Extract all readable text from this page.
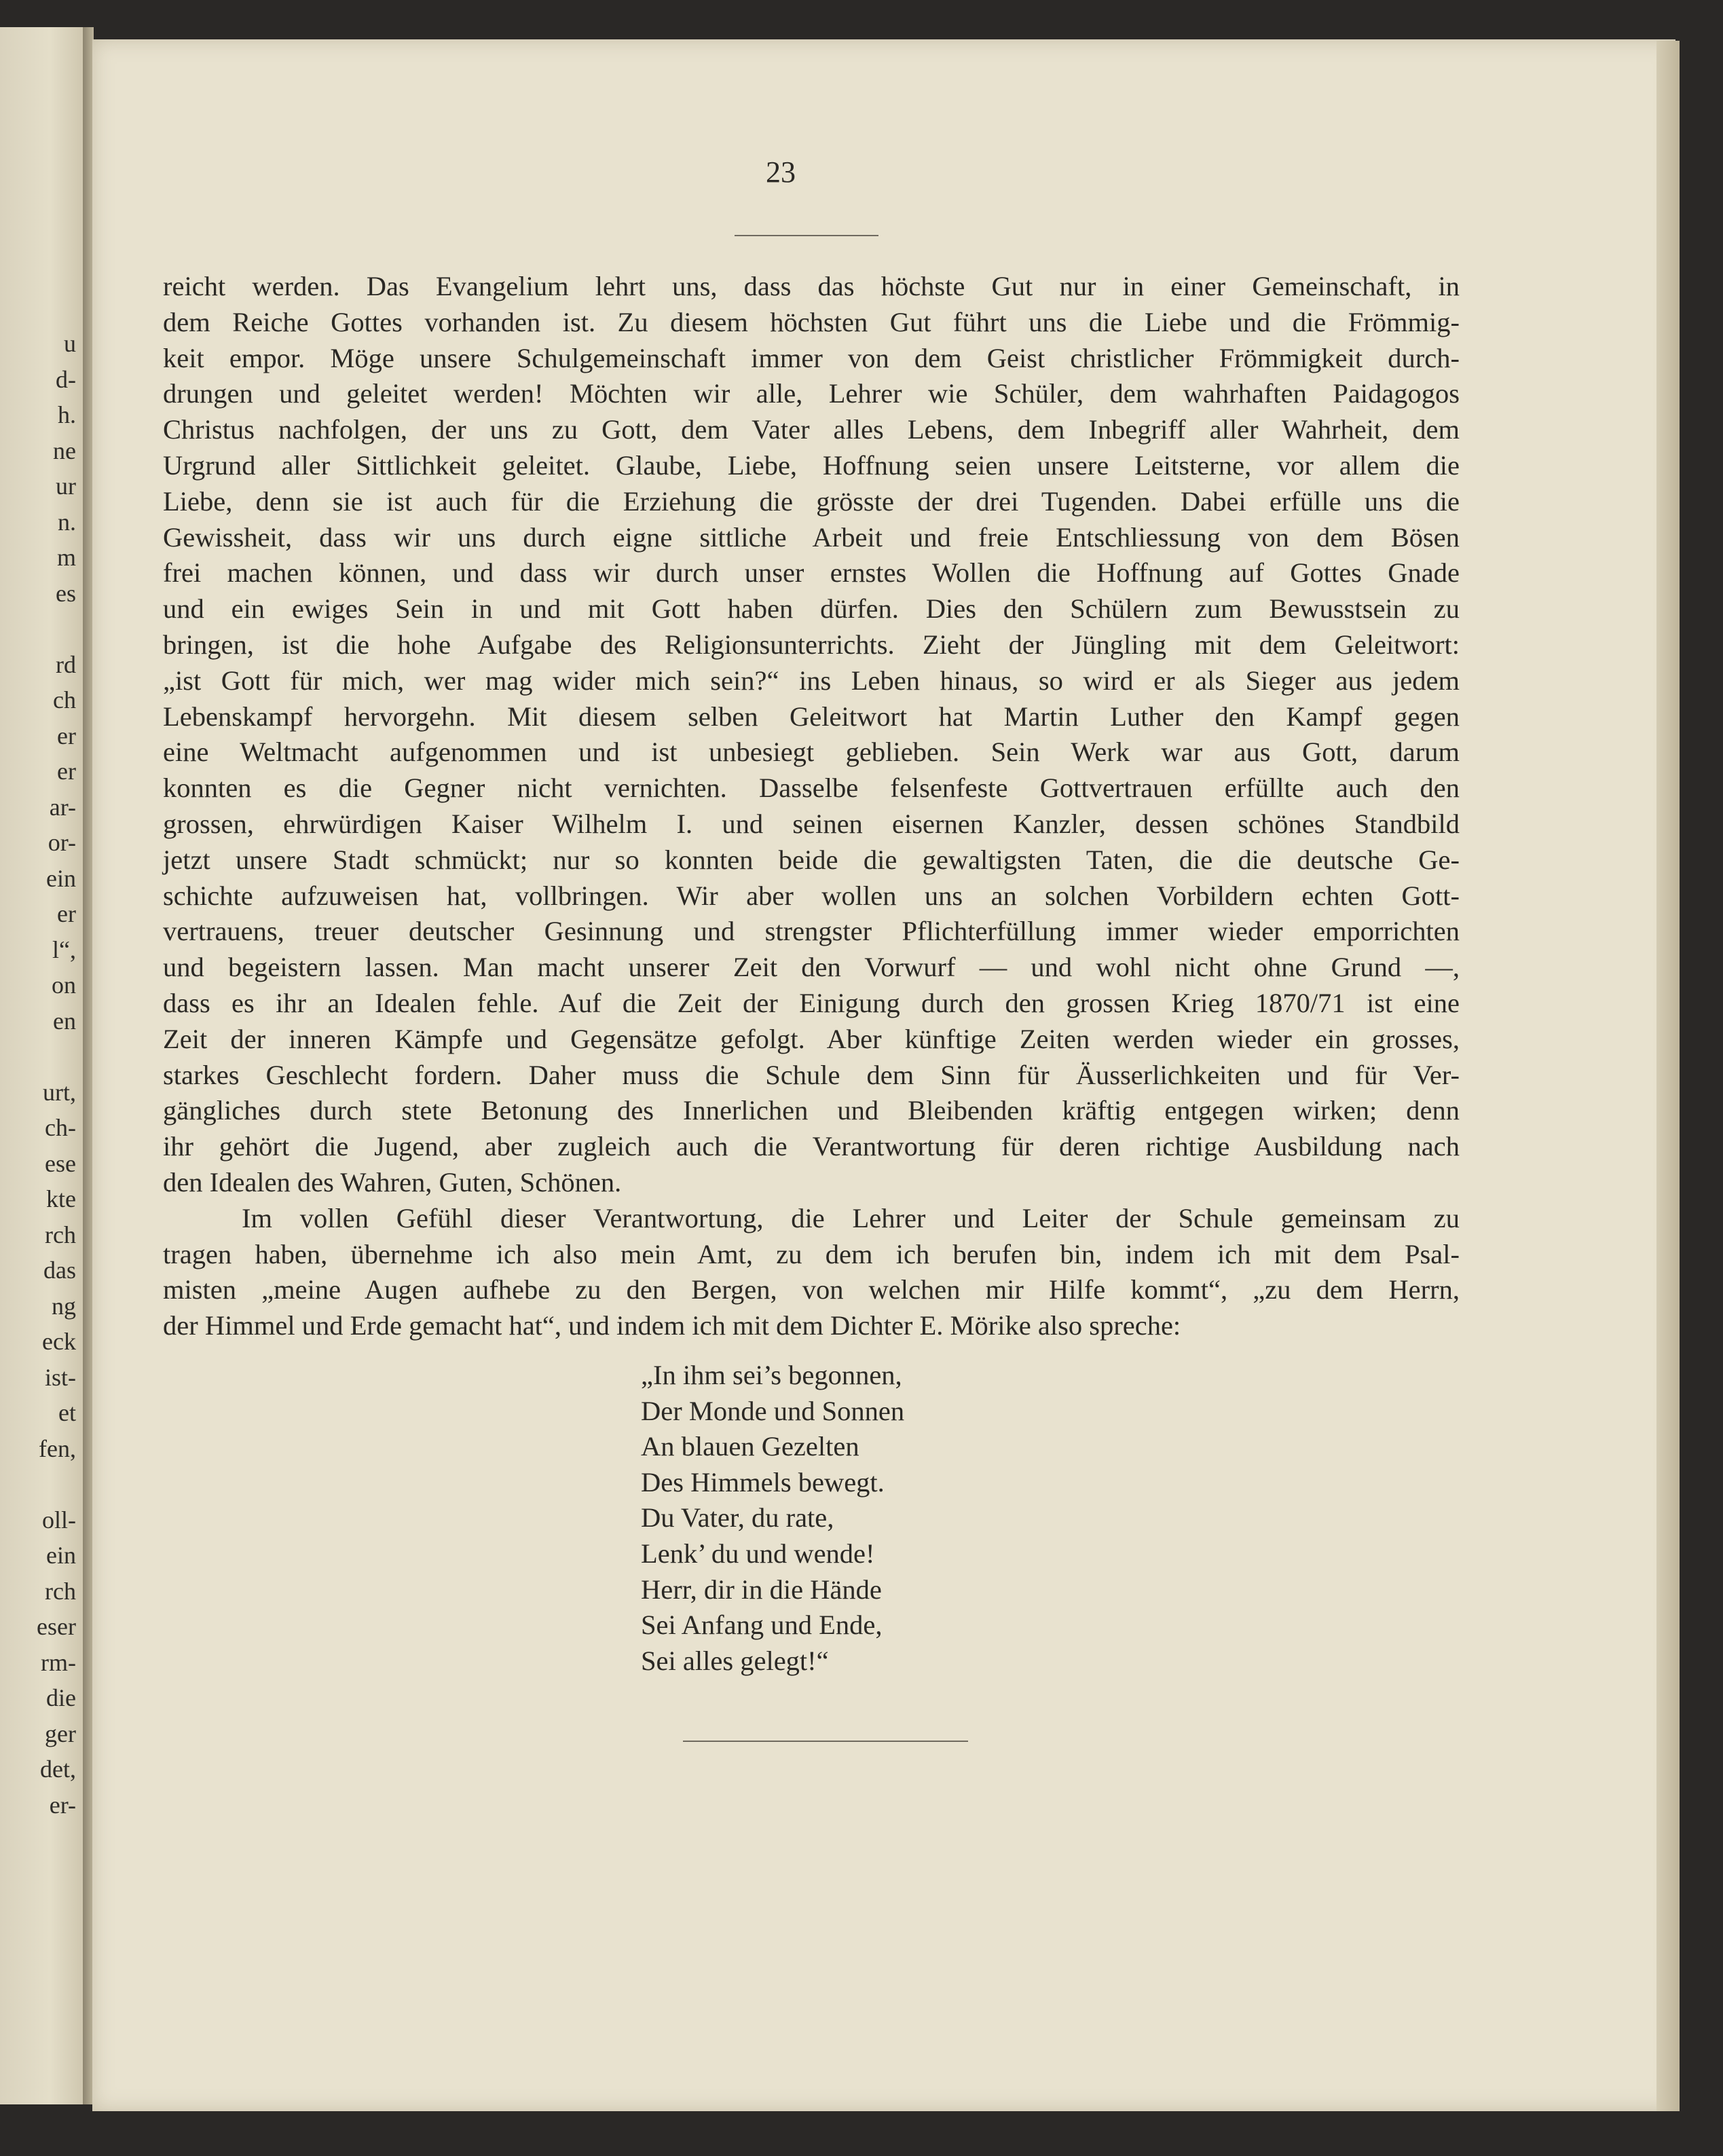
u
d-
h.
ne
ur
n.
m
es
rd
ch
er
er
ar-
or-
ein
er
l“,
on
en
urt,
ch-
ese
kte
rch
das
ng
eck
ist-
et
fen,
oll-
ein
rch
eser
rm-
die
ger
det,
er-

23

reicht werden. Das Evangelium lehrt uns, dass das höchste Gut nur in einer Gemeinschaft, in
dem Reiche Gottes vorhanden ist. Zu diesem höchsten Gut führt uns die Liebe und die Frömmig-
keit empor. Möge unsere Schulgemeinschaft immer von dem Geist christlicher Frömmigkeit durch-
drungen und geleitet werden! Möchten wir alle, Lehrer wie Schüler, dem wahrhaften Paidagogos
Christus nachfolgen, der uns zu Gott, dem Vater alles Lebens, dem Inbegriff aller Wahrheit, dem
Urgrund aller Sittlichkeit geleitet. Glaube, Liebe, Hoffnung seien unsere Leitsterne, vor allem die
Liebe, denn sie ist auch für die Erziehung die grösste der drei Tugenden. Dabei erfülle uns die
Gewissheit, dass wir uns durch eigne sittliche Arbeit und freie Entschliessung von dem Bösen
frei machen können, und dass wir durch unser ernstes Wollen die Hoffnung auf Gottes Gnade
und ein ewiges Sein in und mit Gott haben dürfen. Dies den Schülern zum Bewusstsein zu
bringen, ist die hohe Aufgabe des Religionsunterrichts. Zieht der Jüngling mit dem Geleitwort:
„ist Gott für mich, wer mag wider mich sein?“ ins Leben hinaus, so wird er als Sieger aus jedem
Lebenskampf hervorgehn. Mit diesem selben Geleitwort hat Martin Luther den Kampf gegen
eine Weltmacht aufgenommen und ist unbesiegt geblieben. Sein Werk war aus Gott, darum
konnten es die Gegner nicht vernichten. Dasselbe felsenfeste Gottvertrauen erfüllte auch den
grossen, ehrwürdigen Kaiser Wilhelm I. und seinen eisernen Kanzler, dessen schönes Standbild
jetzt unsere Stadt schmückt; nur so konnten beide die gewaltigsten Taten, die die deutsche Ge-
schichte aufzuweisen hat, vollbringen. Wir aber wollen uns an solchen Vorbildern echten Gott-
vertrauens, treuer deutscher Gesinnung und strengster Pflichterfüllung immer wieder emporrichten
und begeistern lassen. Man macht unserer Zeit den Vorwurf — und wohl nicht ohne Grund —,
dass es ihr an Idealen fehle. Auf die Zeit der Einigung durch den grossen Krieg 1870/71 ist eine
Zeit der inneren Kämpfe und Gegensätze gefolgt. Aber künftige Zeiten werden wieder ein grosses,
starkes Geschlecht fordern. Daher muss die Schule dem Sinn für Äusserlichkeiten und für Ver-
gängliches durch stete Betonung des Innerlichen und Bleibenden kräftig entgegen wirken; denn
ihr gehört die Jugend, aber zugleich auch die Verantwortung für deren richtige Ausbildung nach
den Idealen des Wahren, Guten, Schönen.
Im vollen Gefühl dieser Verantwortung, die Lehrer und Leiter der Schule gemeinsam zu
tragen haben, übernehme ich also mein Amt, zu dem ich berufen bin, indem ich mit dem Psal-
misten „meine Augen aufhebe zu den Bergen, von welchen mir Hilfe kommt“, „zu dem Herrn,
der Himmel und Erde gemacht hat“, und indem ich mit dem Dichter E. Mörike also spreche:
„In ihm sei’s begonnen,
Der Monde und Sonnen
An blauen Gezelten
Des Himmels bewegt.
Du Vater, du rate,
Lenk’ du und wende!
Herr, dir in die Hände
Sei Anfang und Ende,
Sei alles gelegt!“
